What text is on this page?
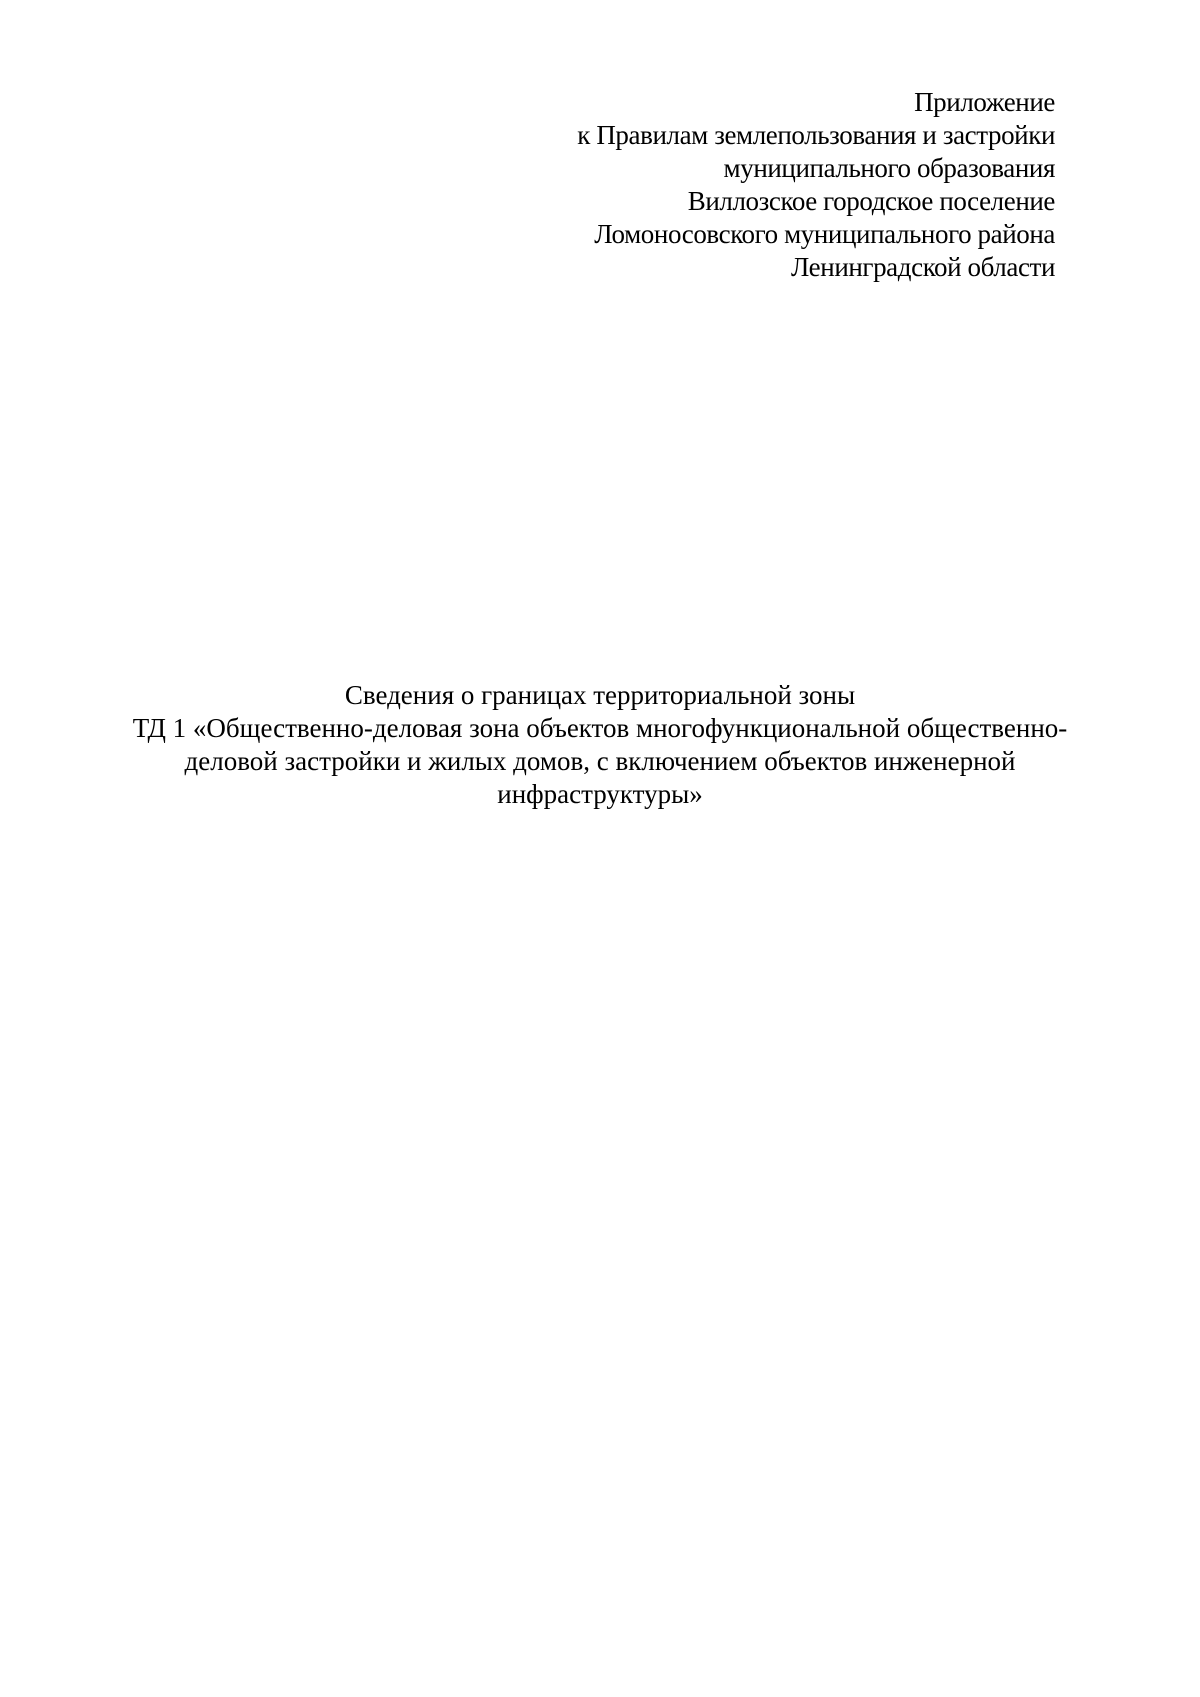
Приложение
к Правилам землепользования и застройки
муниципального образования
Виллозское городское поселение
Ломоносовского муниципального района
Ленинградской области
Сведения о границах территориальной зоны
ТД 1 «Общественно-деловая зона объектов многофункциональной общественно-
деловой застройки и жилых домов, с включением объектов инженерной
инфраструктуры»
